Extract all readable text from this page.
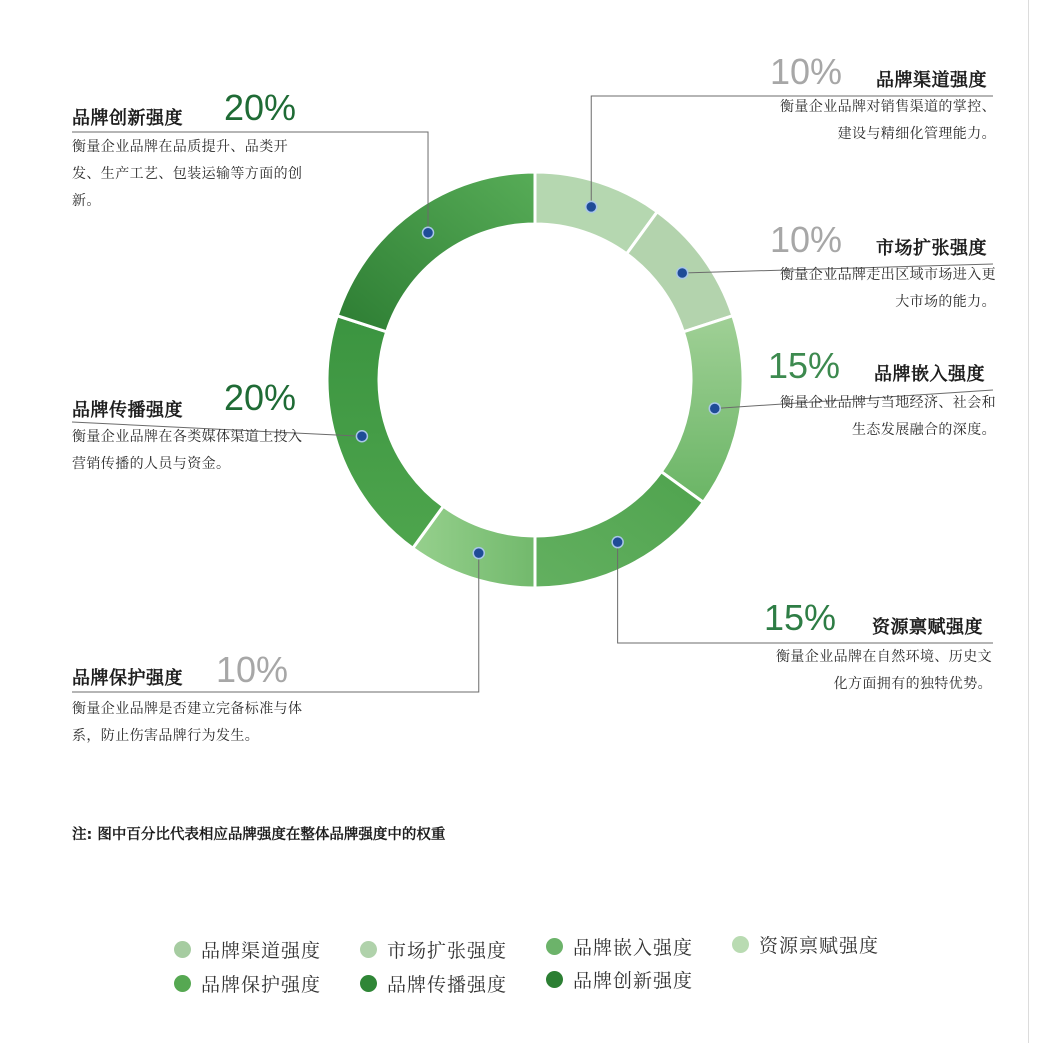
10% 品牌渠道强度
衡量企业品牌对销售渠道的掌控、建设与精细化管理能力。
10% 市场扩张强度
衡量企业品牌走出区域市场进入更大市场的能力。
15% 品牌嵌入强度
衡量企业品牌与当地经济、社会和生态发展融合的深度。
15% 资源禀赋强度
衡量企业品牌在自然环境、历史文化方面拥有的独特优势。
品牌保护强度 10%
衡量企业品牌是否建立完备标准与体系，防止伤害品牌行为发生。
品牌传播强度 20%
衡量企业品牌在各类媒体渠道上投入营销传播的人员与资金。
品牌创新强度 20%
衡量企业品牌在品质提升、品类开发、生产工艺、包装运输等方面的创新。
注: 图中百分比代表相应品牌强度在整体品牌强度中的权重
品牌渠道强度	市场扩张强度	品牌嵌入强度	资源禀赋强度
品牌保护强度	品牌传播强度	品牌创新强度
